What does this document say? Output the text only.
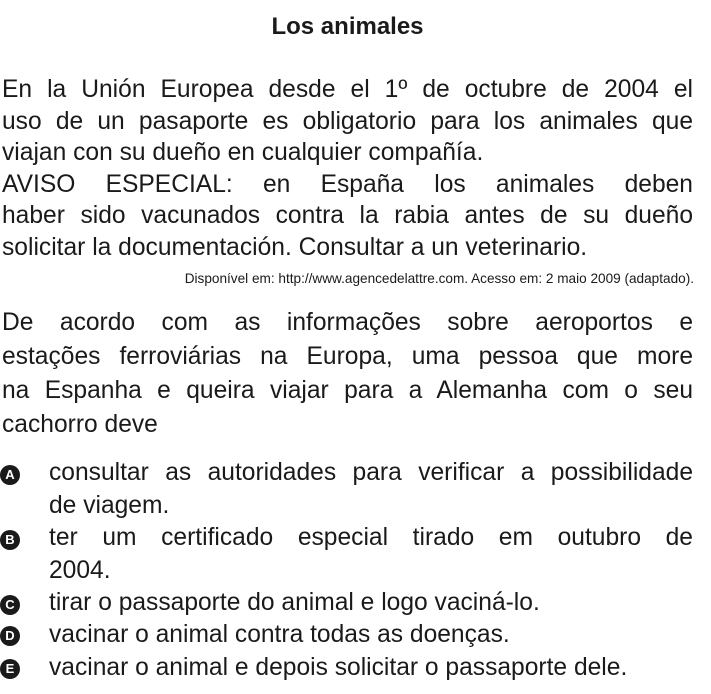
Los animales
En la Unión Europea desde el 1º de octubre de 2004 el
uso de un pasaporte es obligatorio para los animales que
viajan con su dueño en cualquier compañía.
AVISO ESPECIAL: en España los animales deben
haber sido vacunados contra la rabia antes de su dueño
solicitar la documentación. Consultar a un veterinario.
Disponível em: http://www.agencedelattre.com. Acesso em: 2 maio 2009 (adaptado).
De acordo com as informações sobre aeroportos e
estações ferroviárias na Europa, uma pessoa que more
na Espanha e queira viajar para a Alemanha com o seu
cachorro deve
A consultar as autoridades para verificar a possibilidade
de viagem.
B ter um certificado especial tirado em outubro de
2004.
C tirar o passaporte do animal e logo vaciná-lo.
D vacinar o animal contra todas as doenças.
E vacinar o animal e depois solicitar o passaporte dele.
